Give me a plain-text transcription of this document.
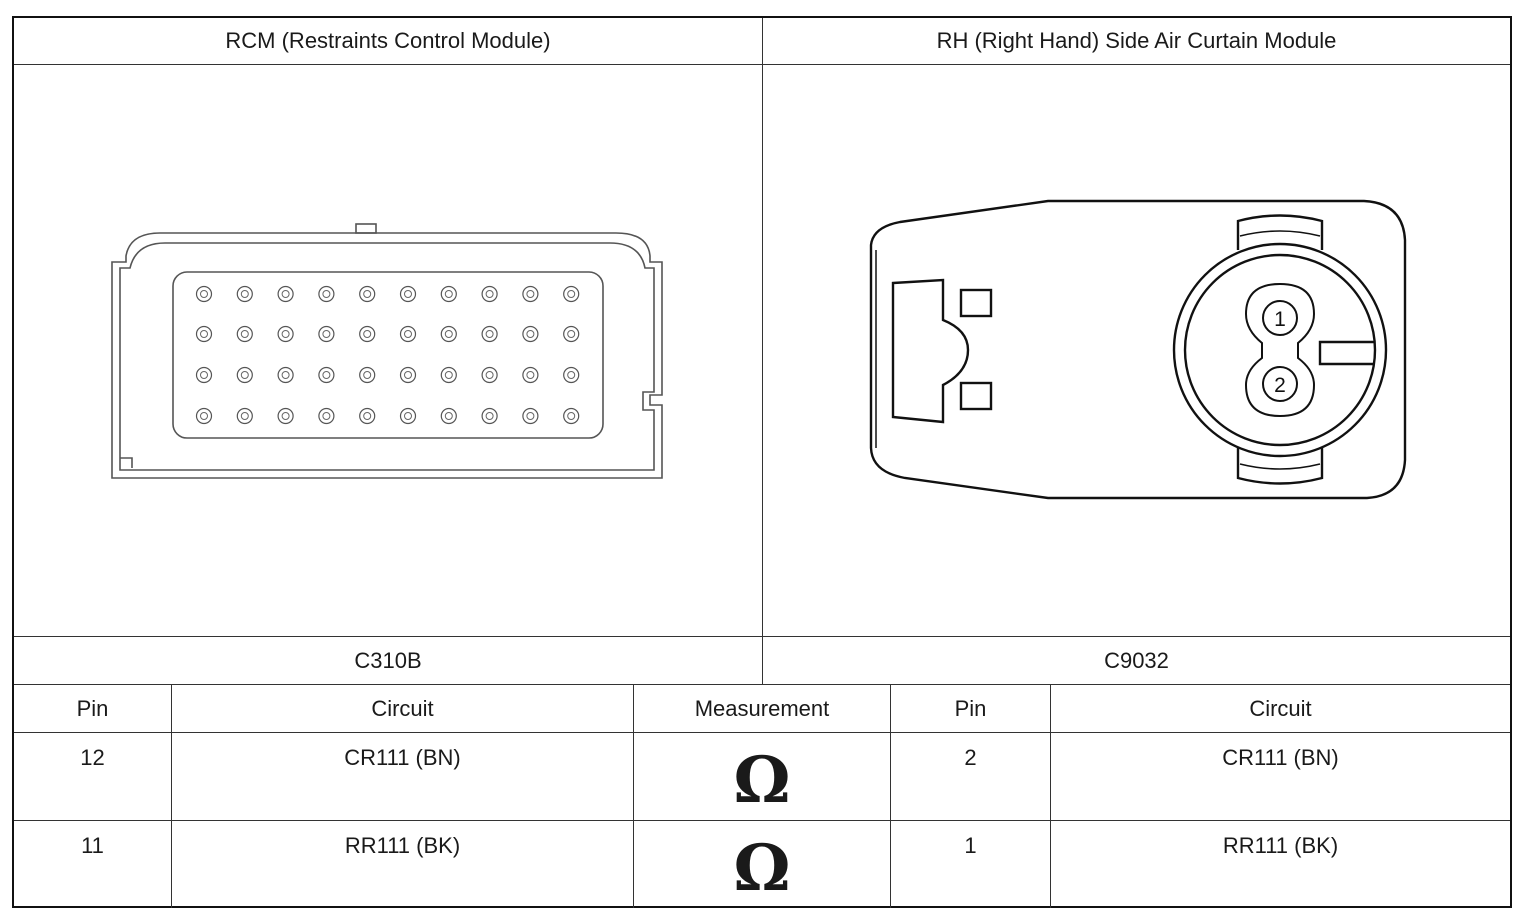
RCM (Restraints Control Module)	RH (Right Hand) Side Air Curtain Module
C310B	C9032
Pin	Circuit	Measurement	Pin	Circuit
12	CR111 (BN)	Ω	2	CR111 (BN)
11	RR111 (BK)	Ω	1	RR111 (BK)
1
2
